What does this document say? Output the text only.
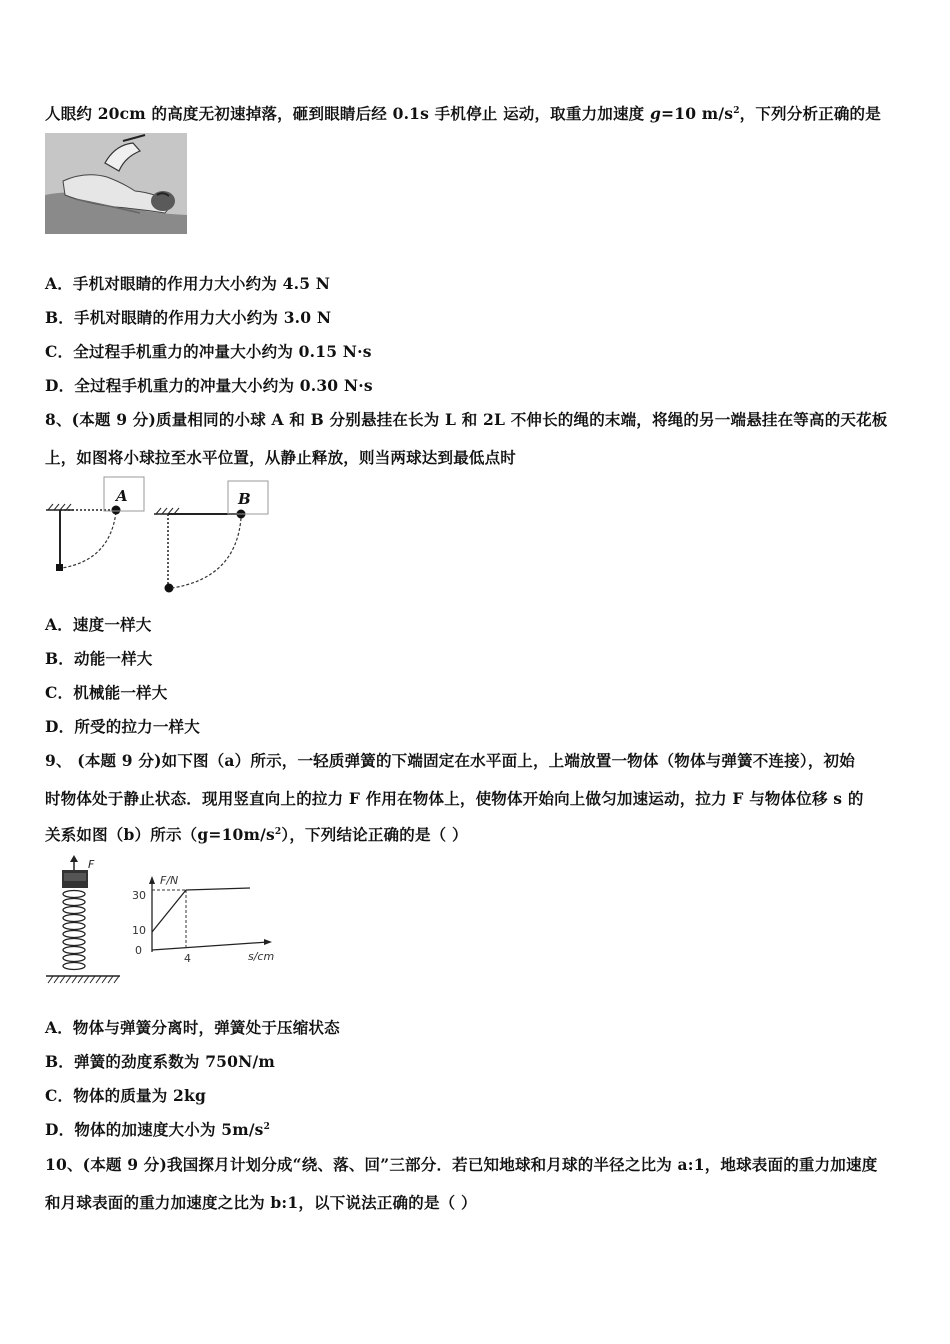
人眼约 20cm 的高度无初速掉落，砸到眼睛后经 0.1s 手机停止 运动，取重力加速度 g=10 $m/s^2$，下列分析正确的是
A．手机对眼睛的作用力大小约为 4.5 N
B．手机对眼睛的作用力大小约为 3.0 N
C．全过程手机重力的冲量大小约为 0.15 N·s
D．全过程手机重力的冲量大小约为 0.30 N·s
8、(本题 9 分)质量相同的小球 A 和 B 分别悬挂在长为 L 和 2L 不伸长的绳的末端，将绳的另一端悬挂在等高的天花板
上，如图将小球拉至水平位置，从静止释放，则当两球达到最低点时
A	B
A．速度一样大
B．动能一样大
C．机械能一样大
D．所受的拉力一样大
9、 (本题 9 分)如下图（a）所示，一轻质弹簧的下端固定在水平面上，上端放置一物体（物体与弹簧不连接），初始
时物体处于静止状态．现用竖直向上的拉力 F 作用在物体上，使物体开始向上做匀加速运动，拉力 F 与物体位移 s 的
关系如图（b）所示$(g=10m/s^2)$，下列结论正确的是（ ）
F
F/N
s/cm
30
10
0
4
A．物体与弹簧分离时，弹簧处于压缩状态
B．弹簧的劲度系数为 750N/m
C．物体的质量为 2kg
D．物体的加速度大小为 $5m/s^2$
10、(本题 9 分)我国探月计划分成“绕、落、回”三部分．若已知地球和月球的半径之比为 a:1，地球表面的重力加速度
和月球表面的重力加速度之比为 b:1，以下说法正确的是（ ）
